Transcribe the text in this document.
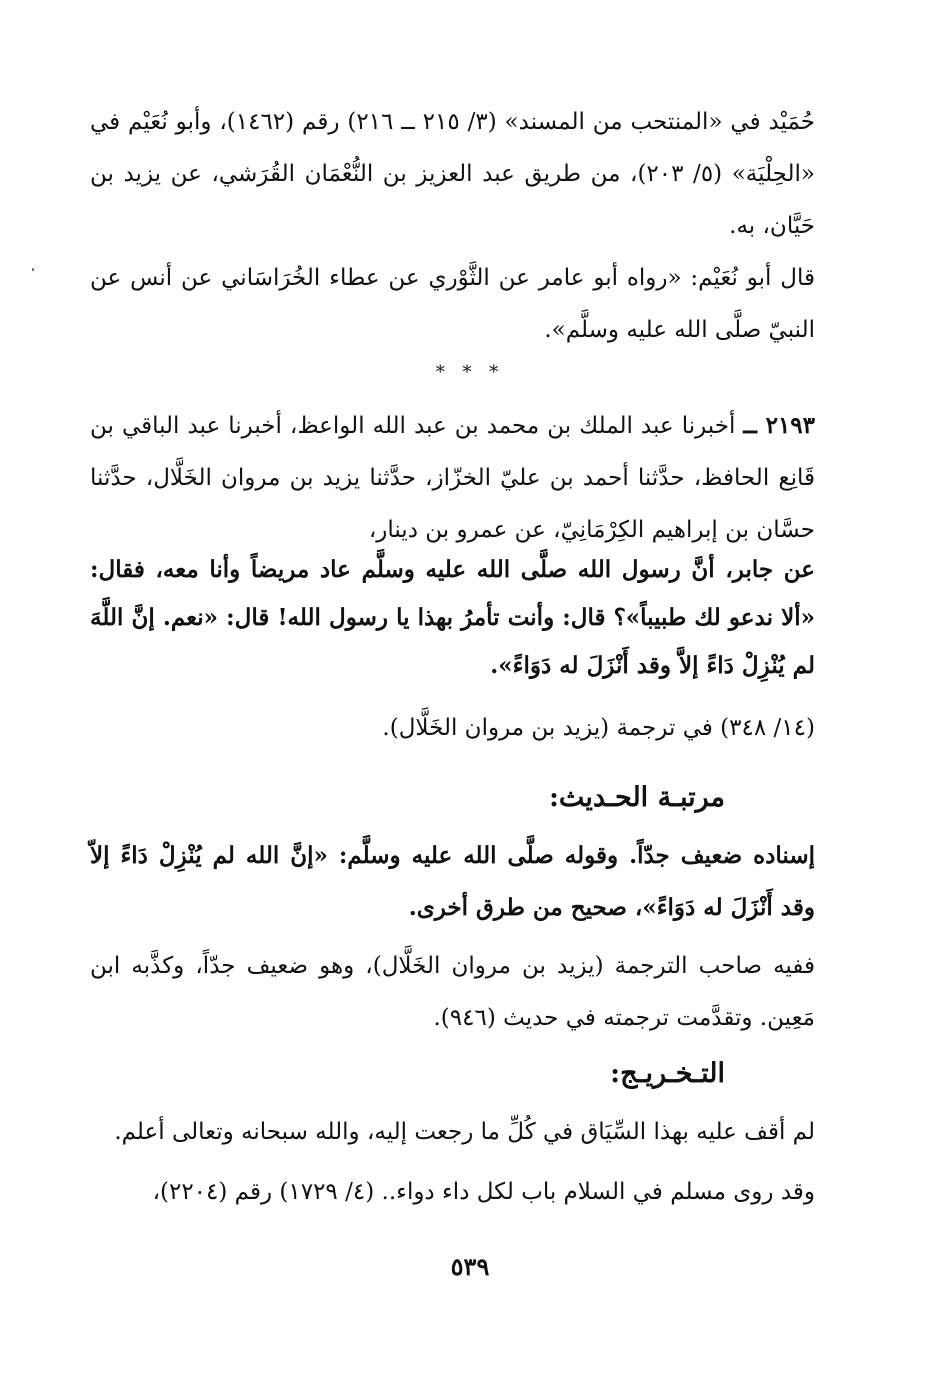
حُمَيْد في «المنتحب من المسند» (٣/ ٢١٥ ــ ٢١٦) رقم (١٤٦٢)، وأبو نُعَيْم في «الحِلْيَة» (٥/ ٢٠٣)، من طريق عبد العزيز بن النُّعْمَان القُرَشي، عن يزيد بن حَيَّان، به.
قال أبو نُعَيْم: «رواه أبو عامر عن الثَّوْري عن عطاء الخُرَاسَاني عن أنس عن النبيّ صلَّى الله عليه وسلَّم».
* * *
٢١٩٣ ــ أخبرنا عبد الملك بن محمد بن عبد الله الواعظ، أخبرنا عبد الباقي بن قَانِع الحافظ، حدَّثنا أحمد بن عليّ الخزّاز، حدَّثنا يزيد بن مروان الخَلَّال، حدَّثنا حسَّان بن إبراهيم الكِرْمَانِيّ، عن عمرو بن دينار،
عن جابر، أنَّ رسول الله صلَّى الله عليه وسلَّم عاد مريضاً وأنا معه، فقال: «ألا ندعو لك طبيباً»؟ قال: وأنت تأمرُ بهذا يا رسول الله! قال: «نعم. إنَّ اللَّهَ لم يُنْزِلْ دَاءً إلاَّ وقد أَنْزَلَ له دَوَاءً».
(١٤/ ٣٤٨) في ترجمة (يزيد بن مروان الخَلَّال).
مرتبـة الحـديث:
إسناده ضعيف جدّاً. وقوله صلَّى الله عليه وسلَّم: «إنَّ الله لم يُنْزِلْ دَاءً إلاّ وقد أَنْزَلَ له دَوَاءً»، صحيح من طرق أخرى.
ففيه صاحب الترجمة (يزيد بن مروان الخَلَّال)، وهو ضعيف جدّاً، وكذَّبه ابن مَعِين. وتقدَّمت ترجمته في حديث (٩٤٦).
التـخـريـج:
لم أقف عليه بهذا السِّيَاق في كُلِّ ما رجعت إليه، والله سبحانه وتعالى أعلم.
وقد روى مسلم في السلام باب لكل داء دواء.. (٤/ ١٧٢٩) رقم (٢٢٠٤)،
٥٣٩
